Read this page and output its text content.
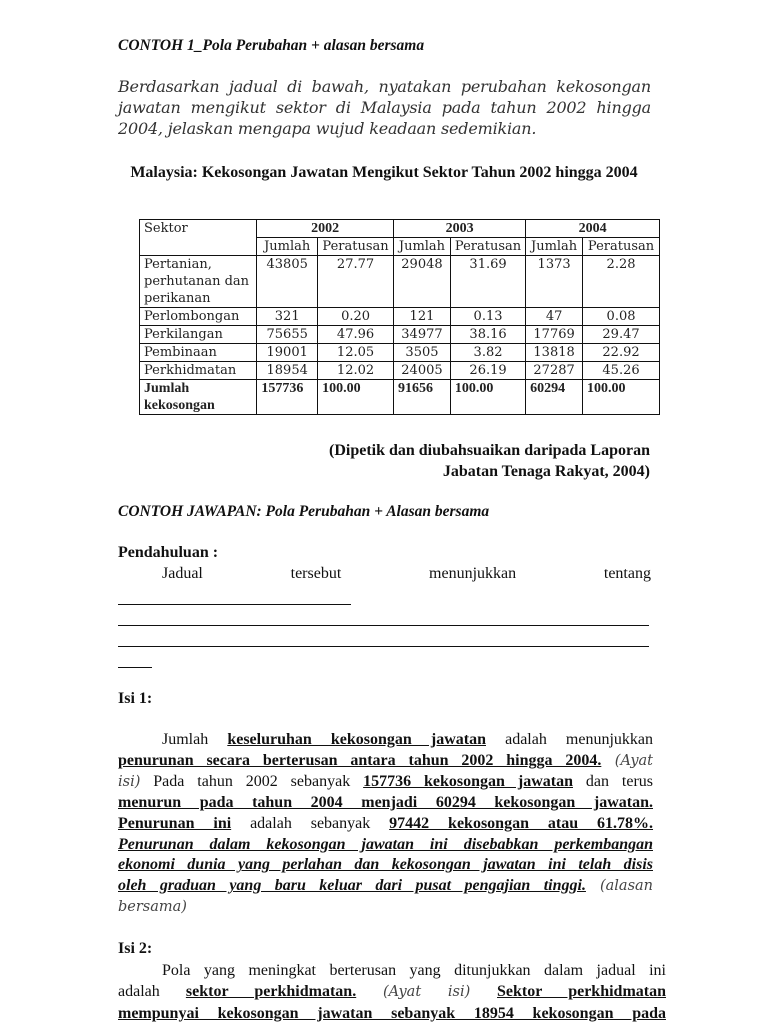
CONTOH 1_Pola Perubahan + alasan bersama
Berdasarkan jadual di bawah, nyatakan perubahan kekosongan jawatan mengikut sektor di Malaysia pada tahun 2002 hingga 2004, jelaskan mengapa wujud keadaan sedemikian.
Malaysia: Kekosongan Jawatan Mengikut Sektor Tahun 2002 hingga 2004
Sektor	2002		2003		2004	
	Jumlah	Peratusan	Jumlah	Peratusan	Jumlah	Peratusan
Pertanian, perhutanan dan perikanan	43805	27.77	29048	31.69	1373	2.28
Perlombongan	321	0.20	121	0.13	47	0.08
Perkilangan	75655	47.96	34977	38.16	17769	29.47
Pembinaan	19001	12.05	3505	3.82	13818	22.92
Perkhidmatan	18954	12.02	24005	26.19	27287	45.26
Jumlah kekosongan	157736	100.00	91656	100.00	60294	100.00
(Dipetik dan diubahsuaikan daripada Laporan
Jabatan Tenaga Rakyat, 2004)
CONTOH JAWAPAN: Pola Perubahan + Alasan bersama
Pendahuluan :
Jadual	tersebut	menunjukkan	tentang
Isi 1:
Jumlah keseluruhan kekosongan jawatan adalah menunjukkan
penurunan secara berterusan antara tahun 2002 hingga 2004. (Ayat
isi) Pada tahun 2002 sebanyak 157736 kekosongan jawatan dan terus
menurun pada tahun 2004 menjadi 60294 kekosongan jawatan.
Penurunan ini adalah sebanyak 97442 kekosongan atau 61.78%.
Penurunan dalam kekosongan jawatan ini disebabkan perkembangan
ekonomi dunia yang perlahan dan kekosongan jawatan ini telah disis
oleh graduan yang baru keluar dari pusat pengajian tinggi. (alasan
bersama)
Isi 2:
Pola yang meningkat berterusan yang ditunjukkan dalam jadual ini
adalah sektor perkhidmatan. (Ayat isi) Sektor perkhidmatan
mempunyai kekosongan jawatan sebanyak 18954 kekosongan pada
